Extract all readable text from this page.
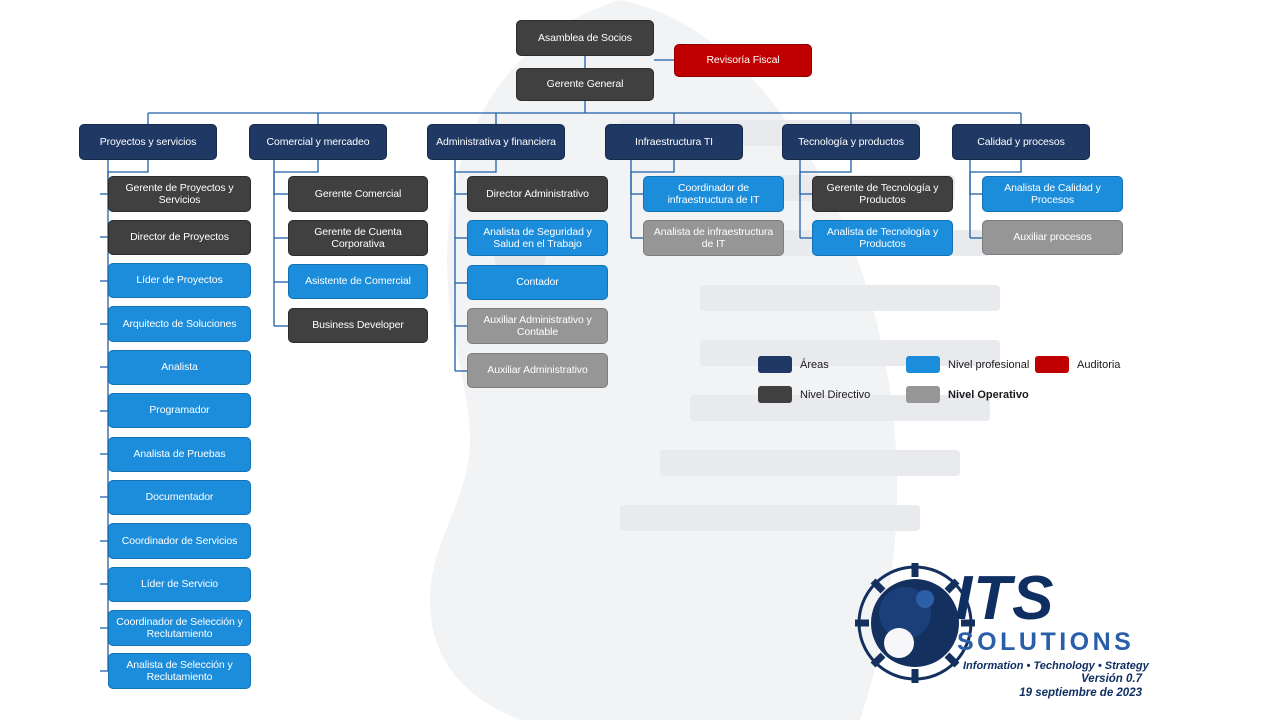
Asamblea de Socios
Revisoría Fiscal
Gerente General
Proyectos y servicios	Comercial y mercadeo	Administrativa y financiera	Infraestructura TI	Tecnología y productos	Calidad y procesos
Gerente de Proyectos y Servicios
Director de Proyectos
Líder de Proyectos
Arquitecto de Soluciones
Analista
Programador
Analista de Pruebas
Documentador
Coordinador de Servicios
Líder de Servicio
Coordinador de Selección y Reclutamiento
Analista de Selección y Reclutamiento
Gerente Comercial
Gerente de Cuenta Corporativa
Asistente de Comercial
Business Developer
Director Administrativo
Analista de Seguridad y Salud en el Trabajo
Contador
Auxiliar Administrativo y Contable
Auxiliar Administrativo
Coordinador de infraestructura de IT
Analista de infraestructura de IT
Gerente de Tecnología y Productos
Analista de Tecnología y Productos
Analista de Calidad y Procesos
Auxiliar procesos
Áreas	Nivel profesional	Auditoria
Nivel Directivo	Nivel Operativo
ITS
SOLUTIONS
Information • Technology • Strategy
Versión 0.7
19 septiembre de 2023
